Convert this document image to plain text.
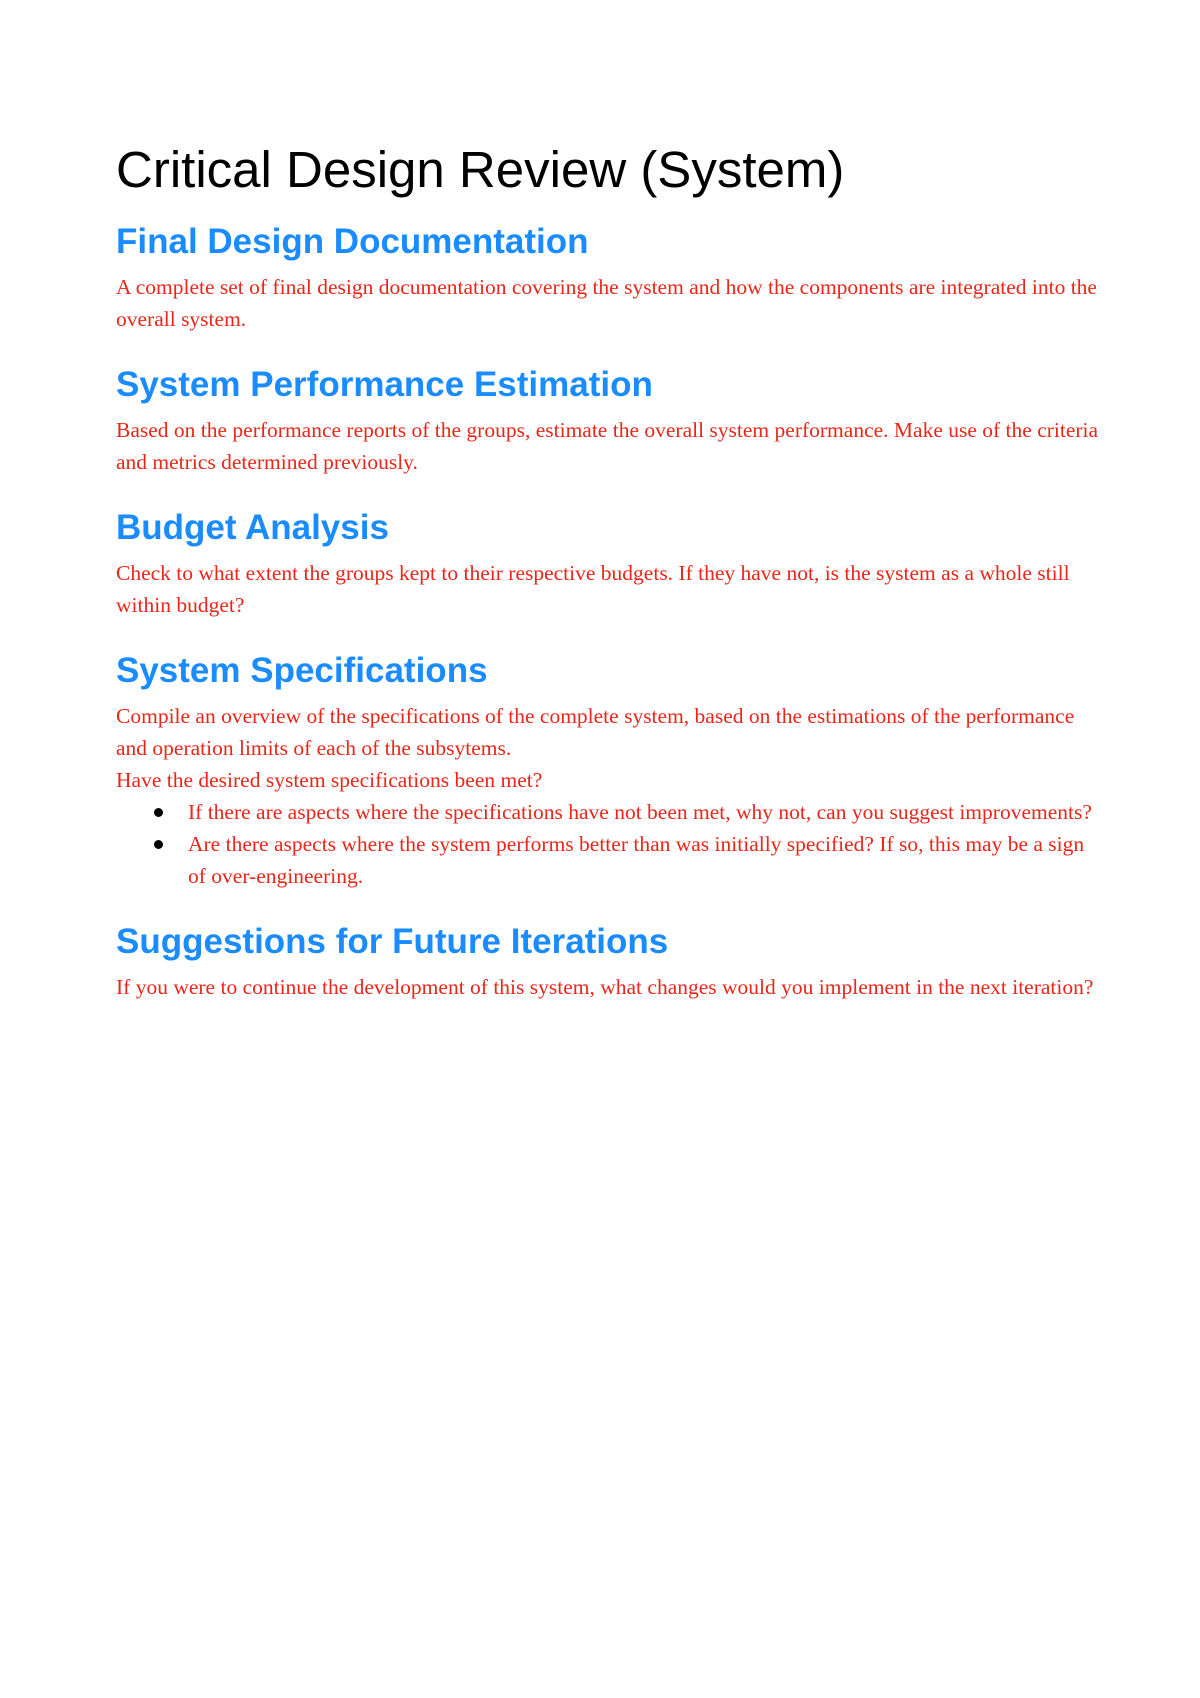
Critical Design Review (System)
Final Design Documentation

A complete set of final design documentation covering the system and how the components are integrated into the overall system.

System Performance Estimation

Based on the performance reports of the groups, estimate the overall system performance. Make use of the criteria and metrics determined previously.

Budget Analysis

Check to what extent the groups kept to their respective budgets. If they have not, is the system as a whole still within budget?

System Specifications

Compile an overview of the specifications of the complete system, based on the estimations of the performance and operation limits of each of the subsytems.

Have the desired system specifications been met?

If there are aspects where the specifications have not been met, why not, can you suggest improvements?
Are there aspects where the system performs better than was initially specified? If so, this may be a sign of over-engineering.
Suggestions for Future Iterations

If you were to continue the development of this system, what changes would you implement in the next iteration?
